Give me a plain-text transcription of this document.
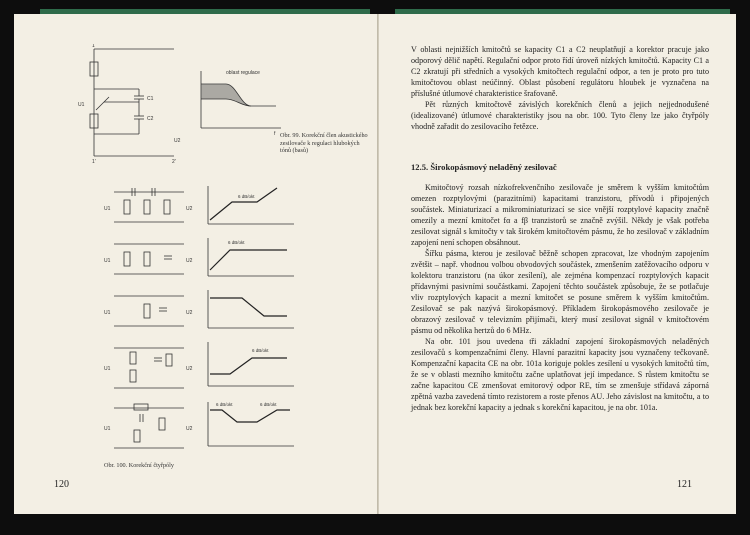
C1
C2
U1
U2
1
1'	2'
oblast regulace
f Obr. 99. Korekční člen akustického zesilovače k regulaci hlubokých tónů (basů)
U1	U2
U1	U2
U1	U2
U1	U2
U1	U2
6 dB/okt
6 dB/okt
6 dB/okt
6 dB/okt	6 dB/okt
Obr. 100. Korekční čtyřpóly
120

V oblasti nejnižších kmitočtů se kapacity C1 a C2 neuplatňují a korektor pracuje jako odporový dělič napětí. Regulační odpor proto řídí úroveň nízkých kmitočtů. Kapacity C1 a C2 zkratují při středních a vysokých kmitočtech regulační odpor, a ten je proto pro tuto kmitočtovou oblast neúčinný. Oblast působení regulátoru hloubek je vyznačena na příslušné útlumové charakteristice šrafovaně.

Pět různých kmitočtově závislých korekčních členů a jejich nejjednodušené (idealizované) útlumové charakteristiky jsou na obr. 100. Tyto členy lze jako čtyřpóly vhodně zařadit do zesilovacího řetězce.

12.5. Širokopásmový neladěný zesilovač

Kmitočtový rozsah nízkofrekvenčního zesilovače je směrem k vyšším kmitočtům omezen rozptylovými (parazitními) kapacitami tranzistoru, přívodů i připojených součástek. Miniaturizací a mikrominiaturizací se sice vnější rozptylové kapacity značně omezily a mezní kmitočet fα a fβ tranzistorů se značně zvýšil. Někdy je však potřeba zesilovat signál s kmitočty v tak širokém kmitočtovém pásmu, že ho zesilovač v základním zapojení není schopen obsáhnout.

Šířku pásma, kterou je zesilovač běžně schopen zpracovat, lze vhodným zapojením zvětšit – např. vhodnou volbou obvodových součástek, zmenšením zatěžovacího odporu v kolektoru tranzistoru (na úkor zesílení), ale zejména kompenzací rozptylových kapacit přídavnými pasivními součástkami. Zapojení těchto součástek způsobuje, že se potlačuje vliv rozptylových kapacit a mezní kmitočet se posune směrem k vyšším kmitočtům. Zesilovač se pak nazývá širokopásmový. Příkladem širokopásmového zesilovače je obrazový zesilovač v televizním přijímači, který musí zesilovat signál v kmitočtovém pásmu od několika hertzů do 6 MHz.

Na obr. 101 jsou uvedena tři základní zapojení širokopásmových neladěných zesilovačů s kompenzačními členy. Hlavní parazitní kapacity jsou vyznačeny tečkovaně. Kompenzační kapacita CE na obr. 101a koriguje pokles zesílení u vysokých kmitočtů tím, že se v oblasti mezního kmitočtu začne uplatňovat její impedance. S růstem kmitočtu se začne kapacitou CE zmenšovat emitorový odpor RE, tím se zmenšuje střídavá záporná zpětná vazba zavedená tímto rezistorem a roste přenos AU. Jeho závislost na kmitočtu, a to jednak bez korekční kapacity a jednak s korekční kapacitou, je na obr. 101a.

121
